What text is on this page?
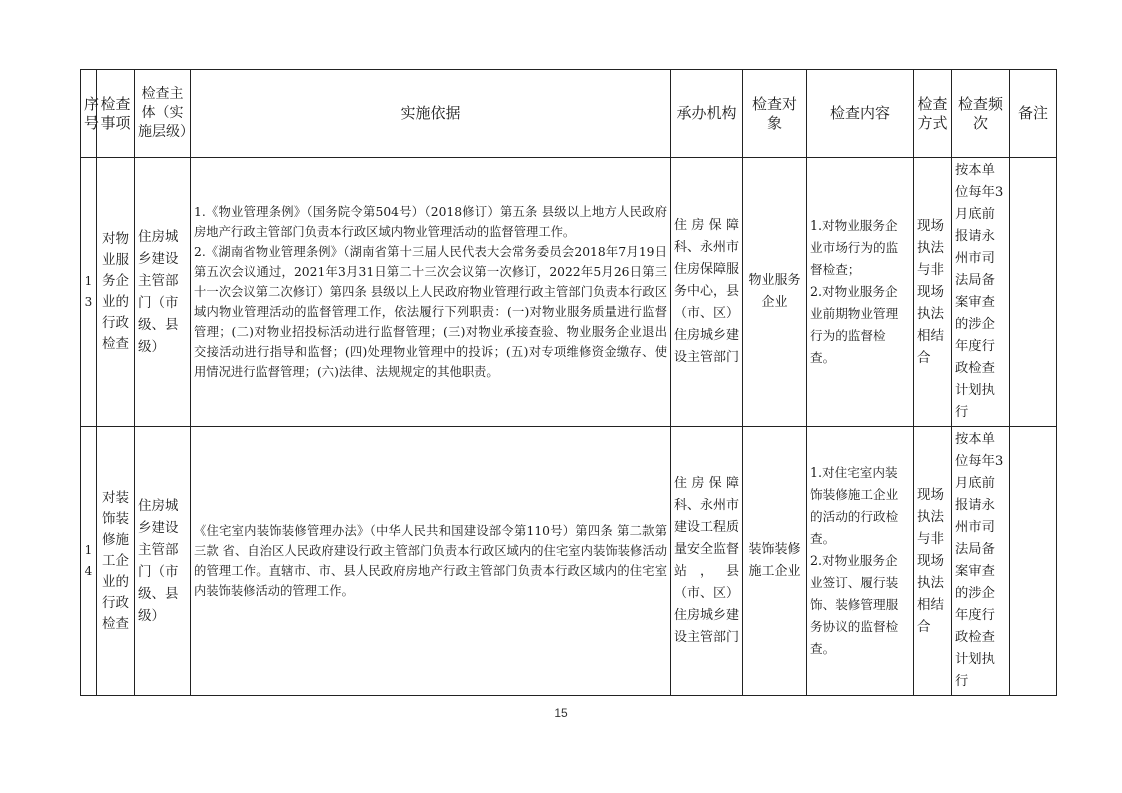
序号	检查事项	检查主体（实施层级）	实施依据	承办机构	检查对象	检查内容	检查方式	检查频次	备注
13	对物业服务企业的行政检查	住房城乡建设主管部门（市级、县级）	1.《物业管理条例》（国务院令第504号）（2018修订）第五条 县级以上地方人民政府房地产行政主管部门负责本行政区域内物业管理活动的监督管理工作。
2.《湖南省物业管理条例》（湖南省第十三届人民代表大会常务委员会2018年7月19日第五次会议通过，2021年3月31日第二十三次会议第一次修订，2022年5月26日第三十一次会议第二次修订）第四条 县级以上人民政府物业管理行政主管部门负责本行政区域内物业管理活动的监督管理工作，依法履行下列职责：(一)对物业服务质量进行监督管理；(二)对物业招投标活动进行监督管理；(三)对物业承接查验、物业服务企业退出交接活动进行指导和监督；(四)处理物业管理中的投诉；(五)对专项维修资金缴存、使用情况进行监督管理；(六)法律、法规规定的其他职责。	住房保障科、永州市住房保障服务中心，县（市、区）住房城乡建设主管部门	物业服务企业	1.对物业服务企业市场行为的监督检查；
2.对物业服务企业前期物业管理行为的监督检查。	现场执法与非现场执法相结合	按本单位每年3月底前报请永州市司法局备案审查的涉企年度行政检查计划执行	
14	对装饰装修施工企业的行政检查	住房城乡建设主管部门（市级、县级）	《住宅室内装饰装修管理办法》（中华人民共和国建设部令第110号）第四条 第二款第三款 省、自治区人民政府建设行政主管部门负责本行政区域内的住宅室内装饰装修活动的管理工作。直辖市、市、县人民政府房地产行政主管部门负责本行政区域内的住宅室内装饰装修活动的管理工作。	住房保障科、永州市建设工程质量安全监督站，县（市、区）住房城乡建设主管部门	装饰装修施工企业	1.对住宅室内装饰装修施工企业的活动的行政检查。
2.对物业服务企业签订、履行装饰、装修管理服务协议的监督检查。	现场执法与非现场执法相结合	按本单位每年3月底前报请永州市司法局备案审查的涉企年度行政检查计划执行	
15
